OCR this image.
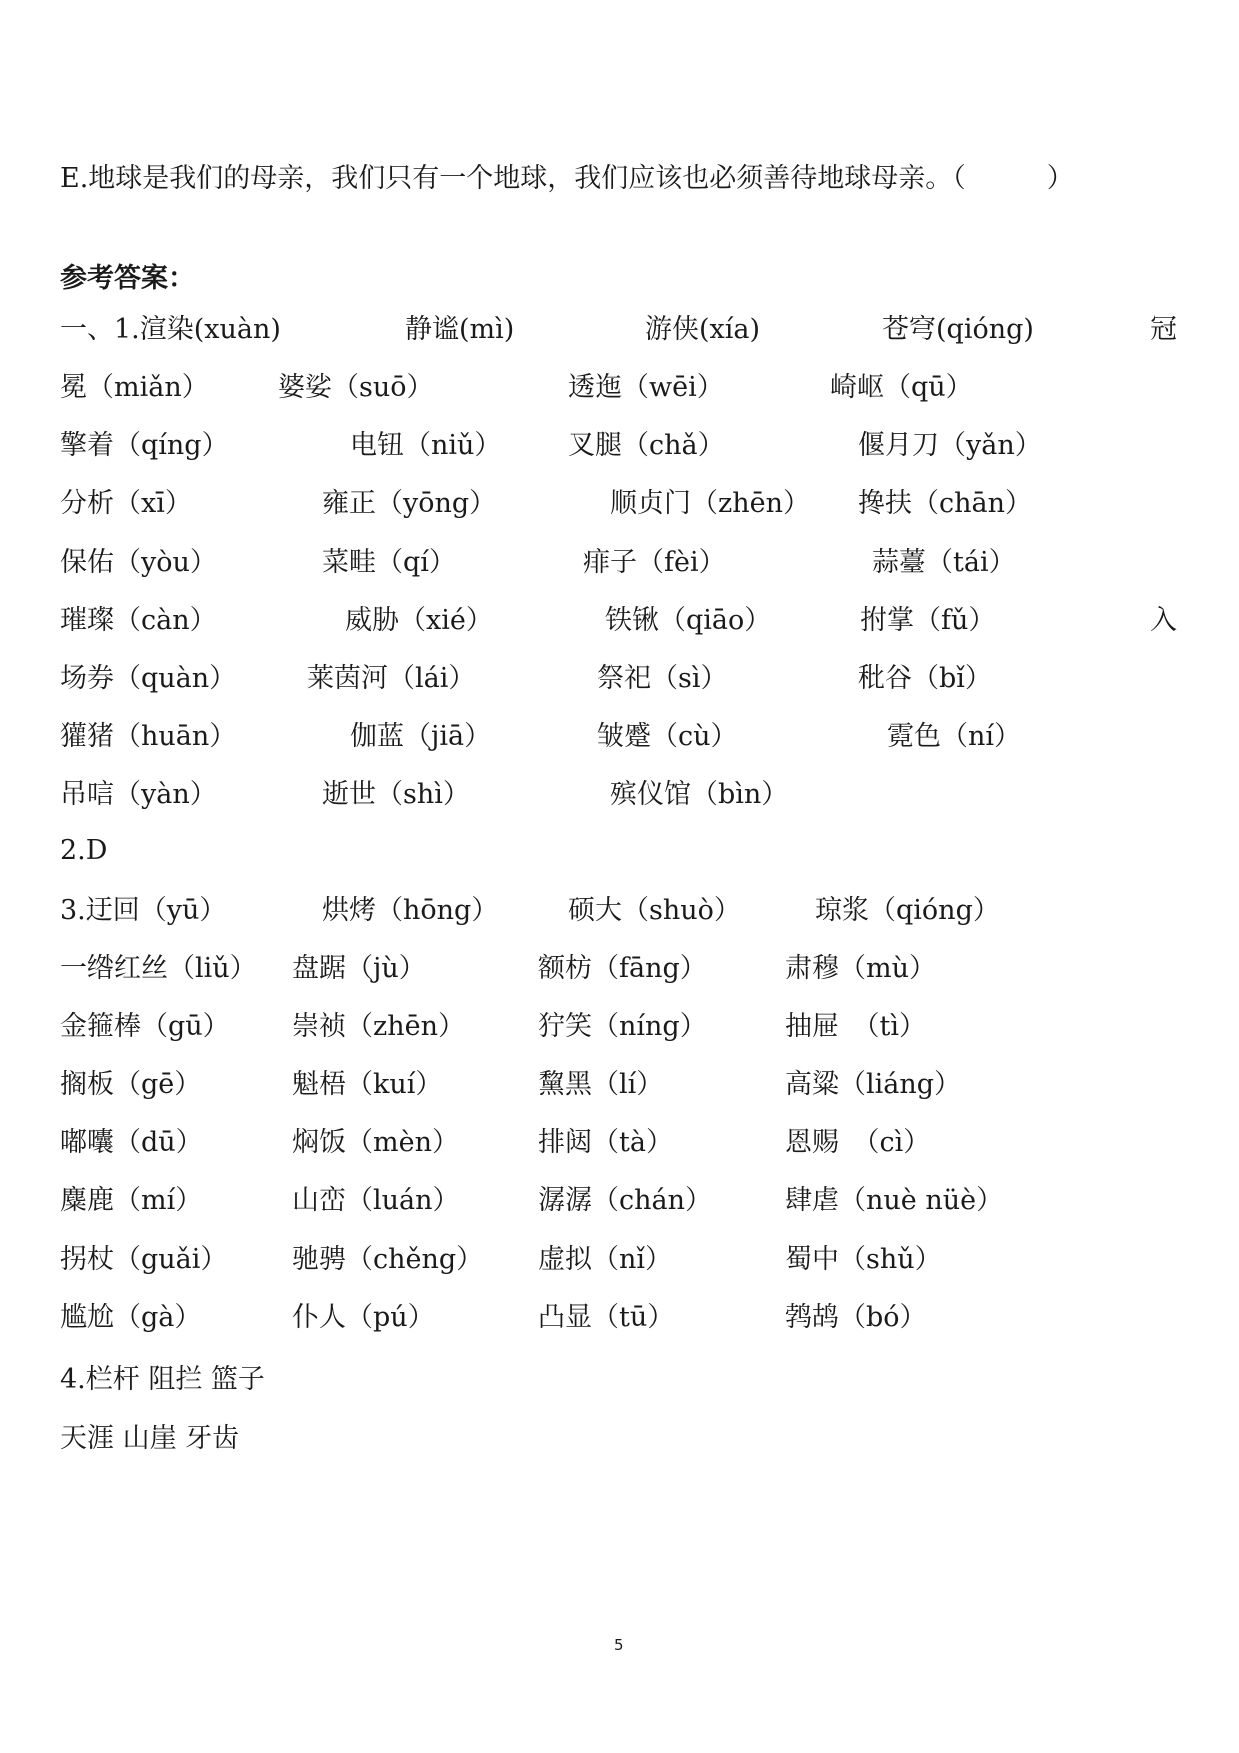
E.地球是我们的母亲，我们只有一个地球，我们应该也必须善待地球母亲。（　　　）
参考答案：
一、1.渲染(xuàn)	静谧(mì)	游侠(xía)	苍穹(qióng)	冠
冕（miǎn）	婆娑（suō）	透迤（wēi）	崎岖（qū）
擎着（qíng）	电钮（niǔ） 叉腿（chǎ）	偃月刀（yǎn）
分析（xī）	雍正（yōng）	顺贞门（zhēn） 搀扶（chān）
保佑（yòu）	菜畦（qí）	痱子（fèi）	蒜薹（tái）
璀璨（càn）	威胁（xié）	铁锹（qiāo）	拊掌（fǔ）	入
场券（quàn）	莱茵河（lái）	祭祀（sì）	秕谷（bǐ）
獾猪（huān）	伽蓝（jiā）	皱蹙（cù）	霓色（ní）
吊唁（yàn）	逝世（shì）	殡仪馆（bìn）
2.D
3.迂回（yū）	烘烤（hōng）	硕大（shuò）	琼浆（qióng）
一绺红丝（liǔ） 盘踞（jù）	额枋（fāng）	肃穆（mù）
金箍棒（gū） 崇祯（zhēn）	狞笑（níng）	抽屉　（tì）
搁板（gē）	魁梧（kuí）	黧黑（lí）	高粱（liáng）
嘟囔（dū）	焖饭（mèn）	排闼（tà）	恩赐　（cì）
麋鹿（mí）	山峦（luán）	潺潺（chán）	肆虐（nuè nüè）
拐杖（guǎi） 驰骋（chěng） 虚拟（nǐ）	蜀中（shǔ）
尴尬（gà）	仆人（pú）	凸显（tū）	鹁鸪（bó）
4.栏杆 阻拦 篮子
天涯 山崖 牙齿
5
